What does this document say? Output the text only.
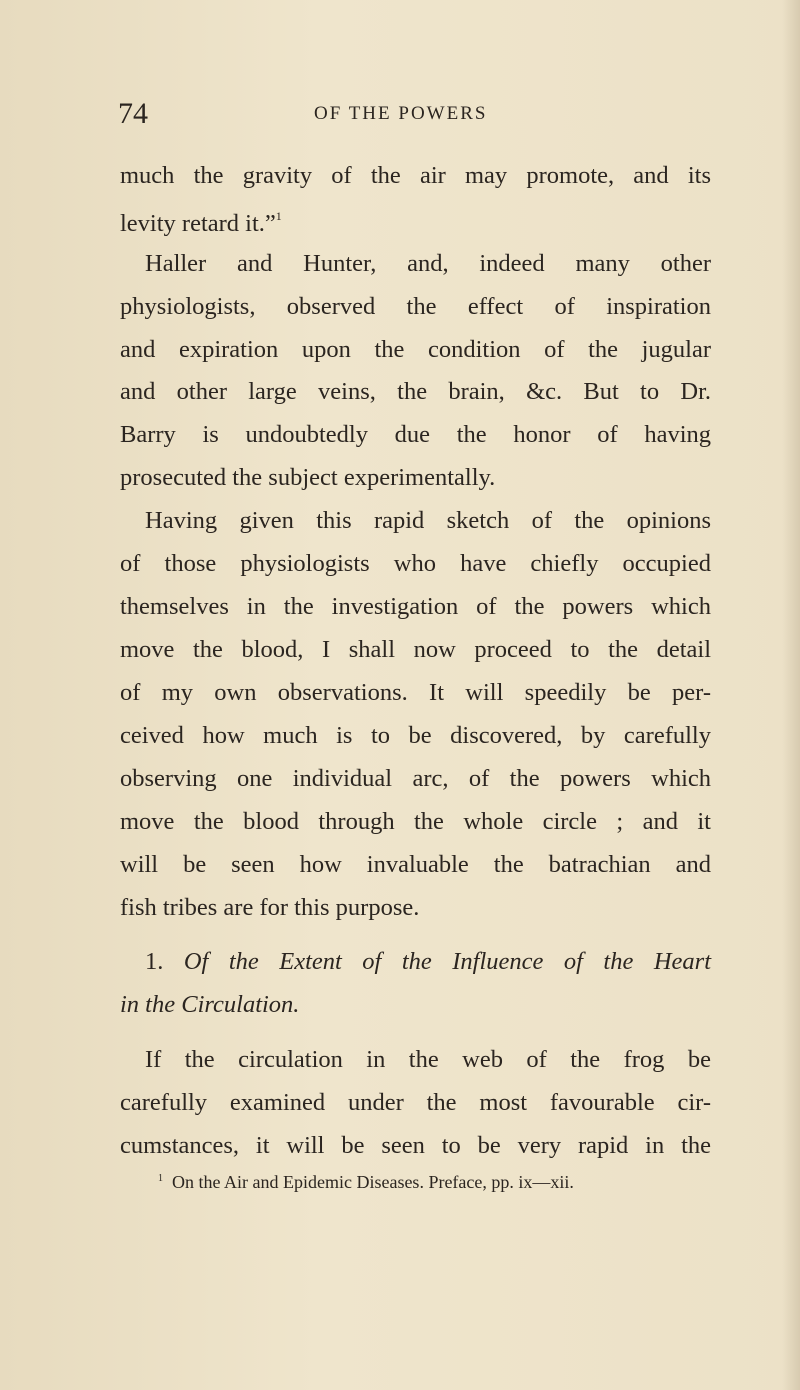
74	OF THE POWERS
much the gravity of the air may promote, and its
levity retard it.”$^1$
Haller and Hunter, and, indeed many other
physiologists, observed the effect of inspiration
and expiration upon the condition of the jugular
and other large veins, the brain, &c. But to Dr.
Barry is undoubtedly due the honor of having
prosecuted the subject experimentally.
Having given this rapid sketch of the opinions
of those physiologists who have chiefly occupied
themselves in the investigation of the powers which
move the blood, I shall now proceed to the detail
of my own observations. It will speedily be per-
ceived how much is to be discovered, by carefully
observing one individual arc, of the powers which
move the blood through the whole circle ; and it
will be seen how invaluable the batrachian and
fish tribes are for this purpose.
1. Of the Extent of the Influence of the Heart
in the Circulation.
If the circulation in the web of the frog be
carefully examined under the most favourable cir-
cumstances, it will be seen to be very rapid in the
$^1$ On the Air and Epidemic Diseases. Preface, pp. ix—xii.
